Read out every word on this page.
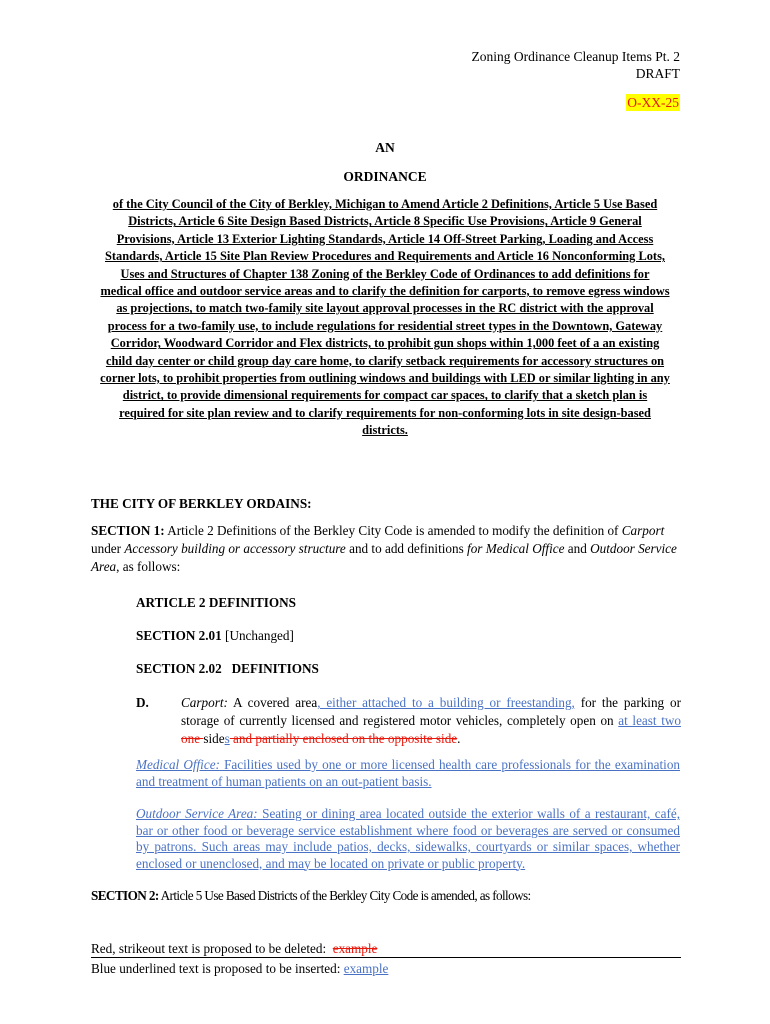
Zoning Ordinance Cleanup Items Pt. 2
DRAFT
O-XX-25
AN
ORDINANCE
of the City Council of the City of Berkley, Michigan to Amend Article 2 Definitions, Article 5 Use Based Districts, Article 6 Site Design Based Districts, Article 8 Specific Use Provisions, Article 9 General Provisions, Article 13 Exterior Lighting Standards, Article 14 Off-Street Parking, Loading and Access Standards, Article 15 Site Plan Review Procedures and Requirements and Article 16 Nonconforming Lots, Uses and Structures of Chapter 138 Zoning of the Berkley Code of Ordinances to add definitions for medical office and outdoor service areas and to clarify the definition for carports, to remove egress windows as projections, to match two-family site layout approval processes in the RC district with the approval process for a two-family use, to include regulations for residential street types in the Downtown, Gateway Corridor, Woodward Corridor and Flex districts, to prohibit gun shops within 1,000 feet of a an existing child day center or child group day care home, to clarify setback requirements for accessory structures on corner lots, to prohibit properties from outlining windows and buildings with LED or similar lighting in any district, to provide dimensional requirements for compact car spaces, to clarify that a sketch plan is required for site plan review and to clarify requirements for non-conforming lots in site design-based districts.
THE CITY OF BERKLEY ORDAINS:
SECTION 1: Article 2 Definitions of the Berkley City Code is amended to modify the definition of Carport under Accessory building or accessory structure and to add definitions for Medical Office and Outdoor Service Area, as follows:
ARTICLE 2 DEFINITIONS
SECTION 2.01 [Unchanged]
SECTION 2.02   DEFINITIONS
D. Carport: A covered area, either attached to a building or freestanding, for the parking or storage of currently licensed and registered motor vehicles, completely open on at least two one sides and partially enclosed on the opposite side.
Medical Office: Facilities used by one or more licensed health care professionals for the examination and treatment of human patients on an out-patient basis.
Outdoor Service Area: Seating or dining area located outside the exterior walls of a restaurant, café, bar or other food or beverage service establishment where food or beverages are served or consumed by patrons. Such areas may include patios, decks, sidewalks, courtyards or similar spaces, whether enclosed or unenclosed, and may be located on private or public property.
SECTION 2: Article 5 Use Based Districts of the Berkley City Code is amended, as follows:
Red, strikeout text is proposed to be deleted:  example
Blue underlined text is proposed to be inserted: example
